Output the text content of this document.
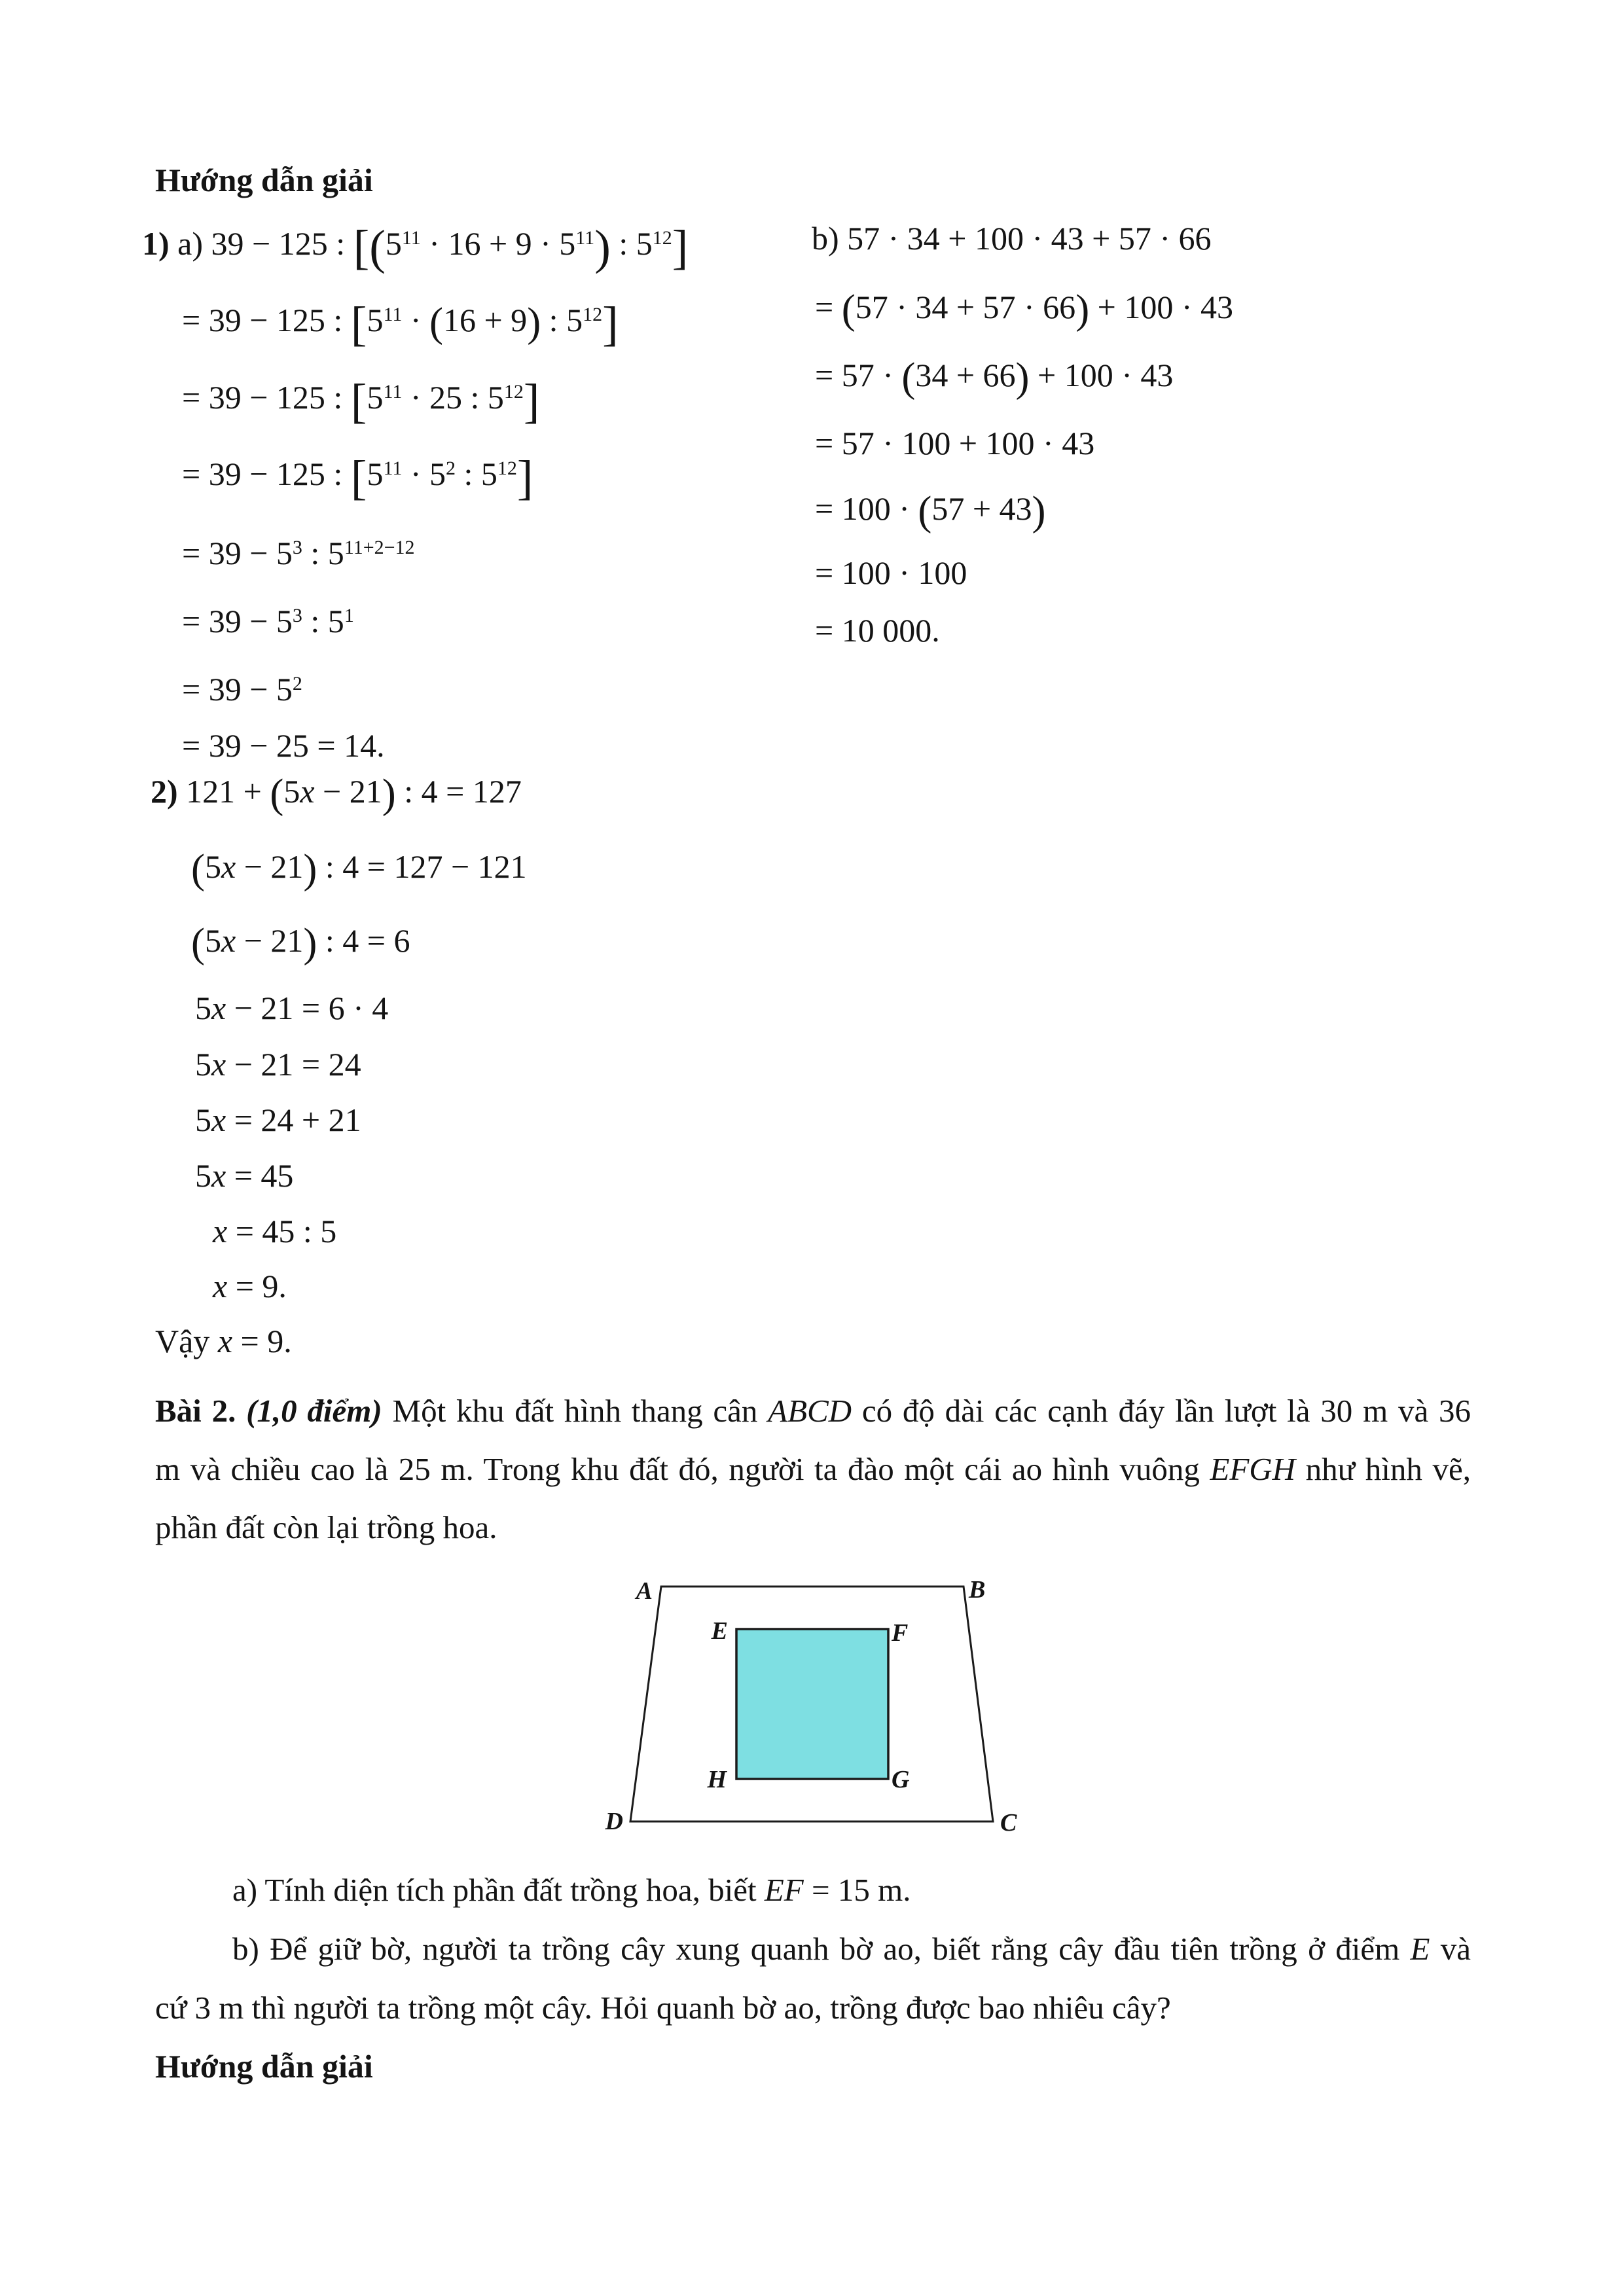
Hướng dẫn giải
1) a) 39 − 125 : [$(5^{11} \cdot 16 + 9 \cdot 5^{11})$ : $5^{12}$]
= 39 − 125 : [$5^{11} \cdot (16 + 9)$ : $5^{12}$]
= 39 − 125 : [$5^{11} \cdot 25$ : $5^{12}$]
= 39 − 125 : [$5^{11} \cdot 5^2$ : $5^{12}$]
= $39 - 5^3$ : $5^{11+2-12}$
= $39 - 5^3$ : $5^1$
= $39 - 5^2$
= 39 − 25 = 14.
2) 121 + (5x − 21) : 4 = 127
(5x − 21) : 4 = 127 − 121
(5x − 21) : 4 = 6
5x − 21 = 6 · 4
5x − 21 = 24
5x = 24 + 21
5x = 45
x = 45 : 5
x = 9.
Vậy x = 9.
b) 57 · 34 + 100 · 43 + 57 · 66
= (57 · 34 + 57 · 66) + 100 · 43
= 57 · (34 + 66) + 100 · 43
= 57 · 100 + 100 · 43
= 100 · (57 + 43)
= 100 · 100
= 10 000.
Bài 2. (1,0 điểm) Một khu đất hình thang cân ABCD có độ dài các cạnh đáy lần lượt là 30 m và 36
m và chiều cao là 25 m. Trong khu đất đó, người ta đào một cái ao hình vuông EFGH như hình vẽ,
phần đất còn lại trồng hoa.
a) Tính diện tích phần đất trồng hoa, biết EF = 15 m.
b) Để giữ bờ, người ta trồng cây xung quanh bờ ao, biết rằng cây đầu tiên trồng ở điểm E và
cứ 3 m thì người ta trồng một cây. Hỏi quanh bờ ao, trồng được bao nhiêu cây?
Hướng dẫn giải
A	B
C
D
E	F
G
H
